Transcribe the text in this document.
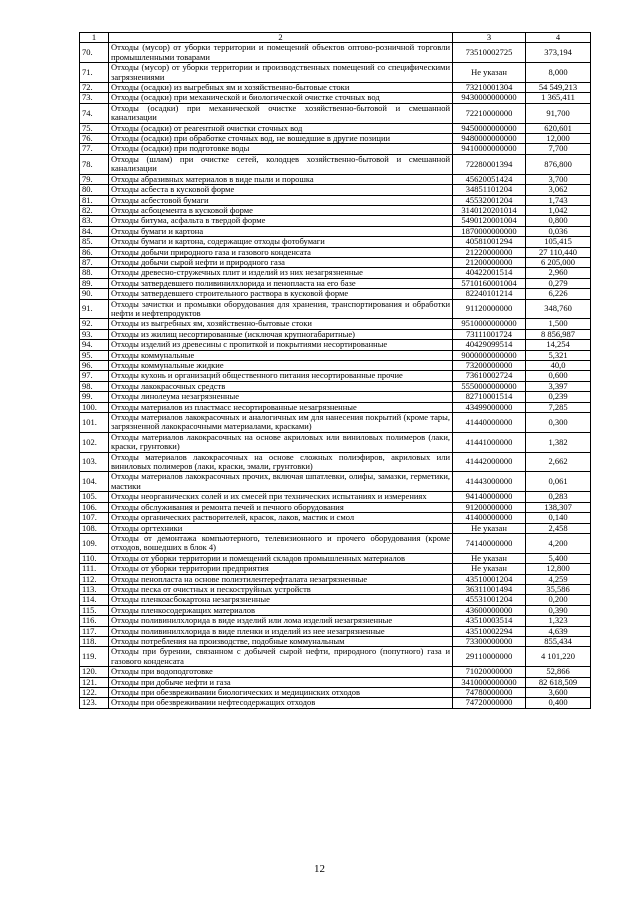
1	2	3	4
70.	Отходы (мусор) от уборки территории и помещений объектов оптово-розничной торговли промышленными товарами	73510002725	373,194
71.	Отходы (мусор) от уборки территории и производственных помещений со специфическими загрязнениями	Не указан	8,000
72.	Отходы (осадки) из выгребных ям и хозяйственно-бытовые стоки	73210001304	54 549,213
73.	Отходы (осадки) при механической и биологической очистке сточных вод	9430000000000	1 365,411
74.	Отходы (осадки) при механической очистке хозяйственно-бытовой и смешанной канализации	72210000000	91,700
75.	Отходы (осадки) от реагентной очистки сточных вод	9450000000000	620,601
76.	Отходы (осадки) при обработке сточных вод, не вошедшие в другие позиции	9480000000000	12,000
77.	Отходы (осадки) при подготовке воды	9410000000000	7,700
78.	Отходы (шлам) при очистке сетей, колодцев хозяйственно-бытовой и смешанной канализации	72280001394	876,800
79.	Отходы абразивных материалов в виде пыли и порошка	45620051424	3,700
80.	Отходы асбеста в кусковой форме	34851101204	3,062
81.	Отходы асбестовой бумаги	45532001204	1,743
82.	Отходы асбоцемента в кусковой форме	3140120201014	1,042
83.	Отходы битума, асфальта в твердой форме	5490120001004	0,800
84.	Отходы бумаги и картона	1870000000000	0,036
85.	Отходы бумаги и картона, содержащие отходы фотобумаги	40581001294	105,415
86.	Отходы добычи природного газа и газового конденсата	21220000000	27 110,440
87.	Отходы добычи сырой нефти и природного газа	21200000000	6 205,000
88.	Отходы древесно-стружечных плит и изделий из них незагрязненные	40422001514	2,960
89.	Отходы затвердевшего поливинилхлорида и пенопласта на его базе	5710160001004	0,279
90.	Отходы затвердевшего строительного раствора в кусковой форме	82240101214	6,226
91.	Отходы зачистки и промывки оборудования для хранения, транспортирования и обработки нефти и нефтепродуктов	91120000000	348,760
92.	Отходы из выгребных ям, хозяйственно-бытовые стоки	9510000000000	1,500
93.	Отходы из жилищ несортированные (исключая крупногабаритные)	73111001724	8 856,987
94.	Отходы изделий из древесины с пропиткой и покрытиями несортированные	40429099514	14,254
95.	Отходы коммунальные	9000000000000	5,321
96.	Отходы коммунальные жидкие	73200000000	40,0
97.	Отходы кухонь и организаций общественного питания несортированные прочие	73610002724	0,600
98.	Отходы лакокрасочных средств	5550000000000	3,397
99.	Отходы линолеума незагрязненные	82710001514	0,239
100.	Отходы материалов из пластмасс несортированные незагрязненные	43499000000	7,285
101.	Отходы материалов лакокрасочных и аналогичных им для нанесения покрытий (кроме тары, загрязненной лакокрасочными материалами, красками)	41440000000	0,300
102.	Отходы материалов лакокрасочных на основе акриловых или виниловых полимеров (лаки, краски, грунтовки)	41441000000	1,382
103.	Отходы материалов лакокрасочных на основе сложных полиэфиров, акриловых или виниловых полимеров (лаки, краски, эмали, грунтовки)	41442000000	2,662
104.	Отходы материалов лакокрасочных прочих, включая шпатлевки, олифы, замазки, герметики, мастики	41443000000	0,061
105.	Отходы неорганических солей и их смесей при технических испытаниях и измерениях	94140000000	0,283
106.	Отходы обслуживания и ремонта печей и печного оборудования	91200000000	138,307
107.	Отходы органических растворителей, красок, лаков, мастик и смол	41400000000	0,140
108.	Отходы оргтехники	Не указан	2,458
109.	Отходы от демонтажа компьютерного, телевизионного и прочего оборудования (кроме отходов, вошедших в блок 4)	74140000000	4,200
110.	Отходы от уборки территории и помещений складов промышленных материалов	Не указан	5,400
111.	Отходы от уборки территории предприятия	Не указан	12,800
112.	Отходы пенопласта на основе полиэтилентерефталата незагрязненные	43510001204	4,259
113.	Отходы песка от очистных и пескоструйных устройств	36311001494	35,586
114.	Отходы пленкоасбокартона незагрязненные	45531001204	0,200
115.	Отходы пленкосодержащих материалов	43600000000	0,390
116.	Отходы поливинилхлорида в виде изделий или лома изделий незагрязненные	43510003514	1,323
117.	Отходы поливинилхлорида в виде пленки и изделий из нее незагрязненные	43510002294	4,639
118.	Отходы потребления на производстве, подобные коммунальным	73300000000	855,434
119.	Отходы при бурении, связанном с добычей сырой нефти, природного (попутного) газа и газового конденсата	29110000000	4 101,220
120.	Отходы при водоподготовке	71020000000	52,866
121.	Отходы при добыче нефти и газа	3410000000000	82 618,509
122.	Отходы при обезвреживании биологических и медицинских отходов	74780000000	3,600
123.	Отходы при обезвреживании нефтесодержащих отходов	74720000000	0,400
12
